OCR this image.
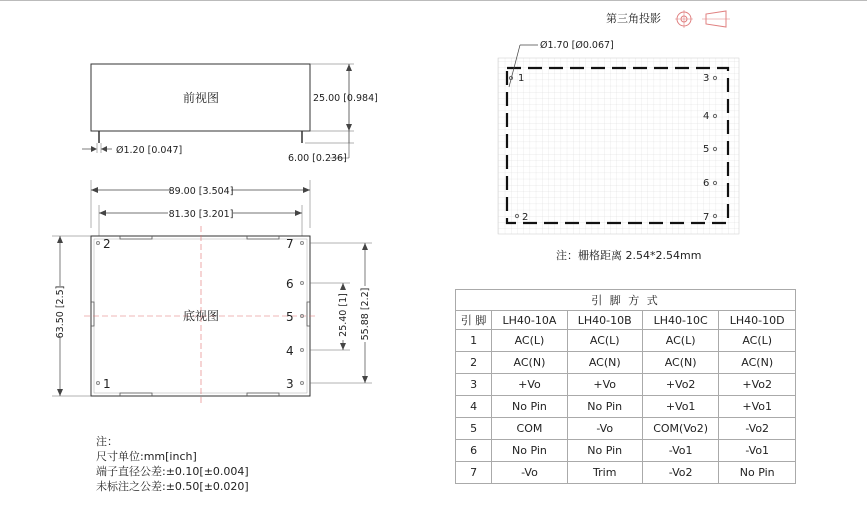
第三角投影
前视图	25.00 [0.984]
Ø1.20 [0.047]
6.00 [0.236]
89.00 [3.504]
81.30 [3.201]
2
1
7
6
5
4
3
底视图
63.50 [2.5]	25.40 [1] 55.88 [2.2]
Ø1.70 [Ø0.067]
1
2
3
4
5
6
7
注：栅格距离 2.54*2.54mm
注：
尺寸单位:mm[inch]
端子直径公差:±0.10[±0.004]
未标注之公差:±0.50[±0.020]
引 脚 方 式				
引 脚	LH40-10A	LH40-10B	LH40-10C	LH40-10D
1	AC(L)	AC(L)	AC(L)	AC(L)
2	AC(N)	AC(N)	AC(N)	AC(N)
3	+Vo	+Vo	+Vo2	+Vo2
4	No Pin	No Pin	+Vo1	+Vo1
5	COM	-Vo	COM(Vo2)	-Vo2
6	No Pin	No Pin	-Vo1	-Vo1
7	-Vo	Trim	-Vo2	No Pin
